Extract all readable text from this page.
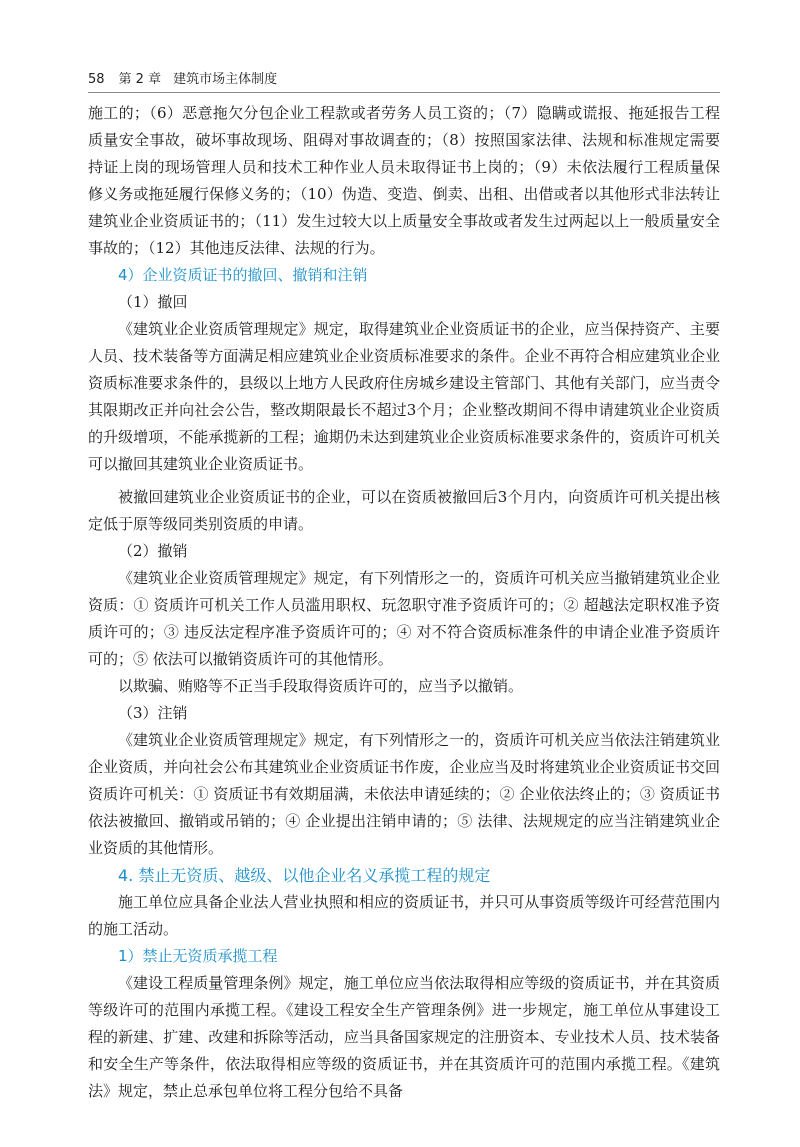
58 第 2 章 建筑市场主体制度

施工的；（6）恶意拖欠分包企业工程款或者劳务人员工资的；（7）隐瞒或谎报、拖延报告工程质量安全事故，破坏事故现场、阻碍对事故调查的；（8）按照国家法律、法规和标准规定需要持证上岗的现场管理人员和技术工种作业人员未取得证书上岗的；（9）未依法履行工程质量保修义务或拖延履行保修义务的；（10）伪造、变造、倒卖、出租、出借或者以其他形式非法转让建筑业企业资质证书的；（11）发生过较大以上质量安全事故或者发生过两起以上一般质量安全事故的；（12）其他违反法律、法规的行为。

4）企业资质证书的撤回、撤销和注销

（1）撤回

《建筑业企业资质管理规定》规定，取得建筑业企业资质证书的企业，应当保持资产、主要人员、技术装备等方面满足相应建筑业企业资质标准要求的条件。企业不再符合相应建筑业企业资质标准要求条件的，县级以上地方人民政府住房城乡建设主管部门、其他有关部门，应当责令其限期改正并向社会公告，整改期限最长不超过3个月；企业整改期间不得申请建筑业企业资质的升级增项，不能承揽新的工程；逾期仍未达到建筑业企业资质标准要求条件的，资质许可机关可以撤回其建筑业企业资质证书。

被撤回建筑业企业资质证书的企业，可以在资质被撤回后3个月内，向资质许可机关提出核定低于原等级同类别资质的申请。

（2）撤销

《建筑业企业资质管理规定》规定，有下列情形之一的，资质许可机关应当撤销建筑业企业资质：① 资质许可机关工作人员滥用职权、玩忽职守准予资质许可的；② 超越法定职权准予资质许可的；③ 违反法定程序准予资质许可的；④ 对不符合资质标准条件的申请企业准予资质许可的；⑤ 依法可以撤销资质许可的其他情形。

以欺骗、贿赂等不正当手段取得资质许可的，应当予以撤销。

（3）注销

《建筑业企业资质管理规定》规定，有下列情形之一的，资质许可机关应当依法注销建筑业企业资质，并向社会公布其建筑业企业资质证书作废，企业应当及时将建筑业企业资质证书交回资质许可机关：① 资质证书有效期届满，未依法申请延续的；② 企业依法终止的；③ 资质证书依法被撤回、撤销或吊销的；④ 企业提出注销申请的；⑤ 法律、法规规定的应当注销建筑业企业资质的其他情形。

4. 禁止无资质、越级、以他企业名义承揽工程的规定

施工单位应具备企业法人营业执照和相应的资质证书，并只可从事资质等级许可经营范围内的施工活动。

1）禁止无资质承揽工程

《建设工程质量管理条例》规定，施工单位应当依法取得相应等级的资质证书，并在其资质等级许可的范围内承揽工程。《建设工程安全生产管理条例》进一步规定，施工单位从事建设工程的新建、扩建、改建和拆除等活动，应当具备国家规定的注册资本、专业技术人员、技术装备和安全生产等条件，依法取得相应等级的资质证书，并在其资质许可的范围内承揽工程。《建筑法》规定，禁止总承包单位将工程分包给不具备
